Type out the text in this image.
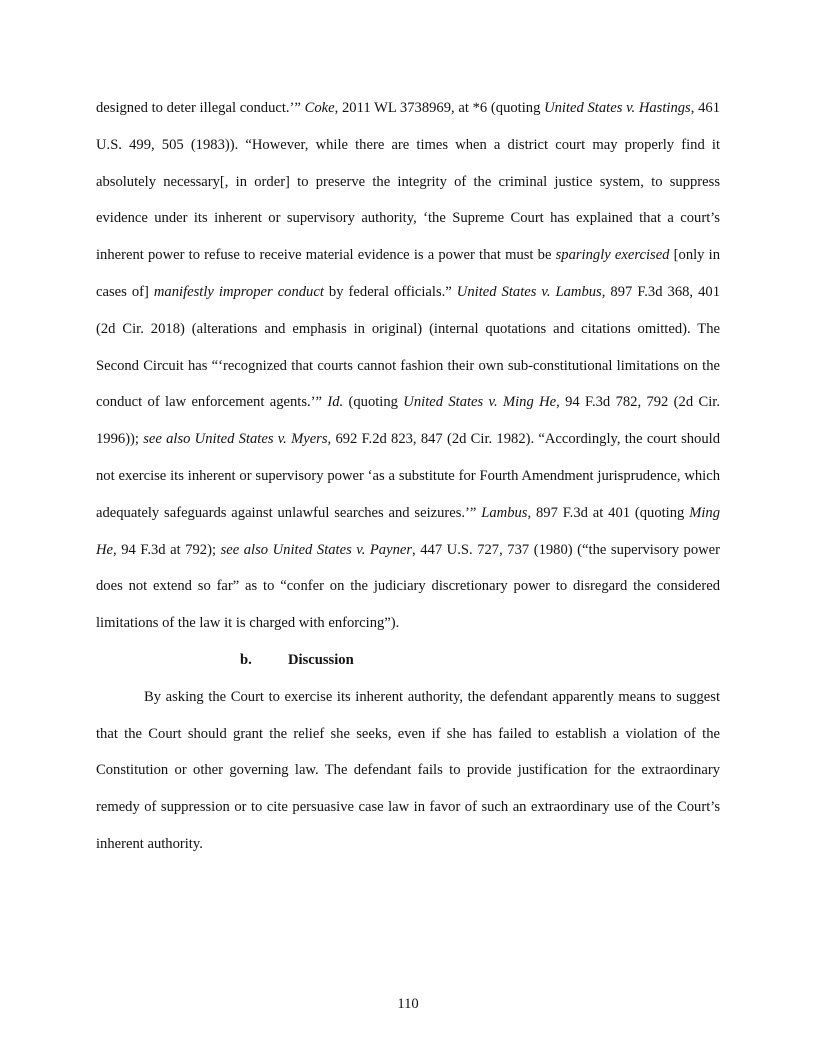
designed to deter illegal conduct.’” Coke, 2011 WL 3738969, at *6 (quoting United States v. Hastings, 461 U.S. 499, 505 (1983)). “However, while there are times when a district court may properly find it absolutely necessary[, in order] to preserve the integrity of the criminal justice system, to suppress evidence under its inherent or supervisory authority, ‘the Supreme Court has explained that a court’s inherent power to refuse to receive material evidence is a power that must be sparingly exercised [only in cases of] manifestly improper conduct by federal officials.” United States v. Lambus, 897 F.3d 368, 401 (2d Cir. 2018) (alterations and emphasis in original) (internal quotations and citations omitted). The Second Circuit has “‘recognized that courts cannot fashion their own sub-constitutional limitations on the conduct of law enforcement agents.’” Id. (quoting United States v. Ming He, 94 F.3d 782, 792 (2d Cir. 1996)); see also United States v. Myers, 692 F.2d 823, 847 (2d Cir. 1982). “Accordingly, the court should not exercise its inherent or supervisory power ‘as a substitute for Fourth Amendment jurisprudence, which adequately safeguards against unlawful searches and seizures.’” Lambus, 897 F.3d at 401 (quoting Ming He, 94 F.3d at 792); see also United States v. Payner, 447 U.S. 727, 737 (1980) (“the supervisory power does not extend so far” as to “confer on the judiciary discretionary power to disregard the considered limitations of the law it is charged with enforcing”).

b. Discussion

By asking the Court to exercise its inherent authority, the defendant apparently means to suggest that the Court should grant the relief she seeks, even if she has failed to establish a violation of the Constitution or other governing law. The defendant fails to provide justification for the extraordinary remedy of suppression or to cite persuasive case law in favor of such an extraordinary use of the Court’s inherent authority.

110
